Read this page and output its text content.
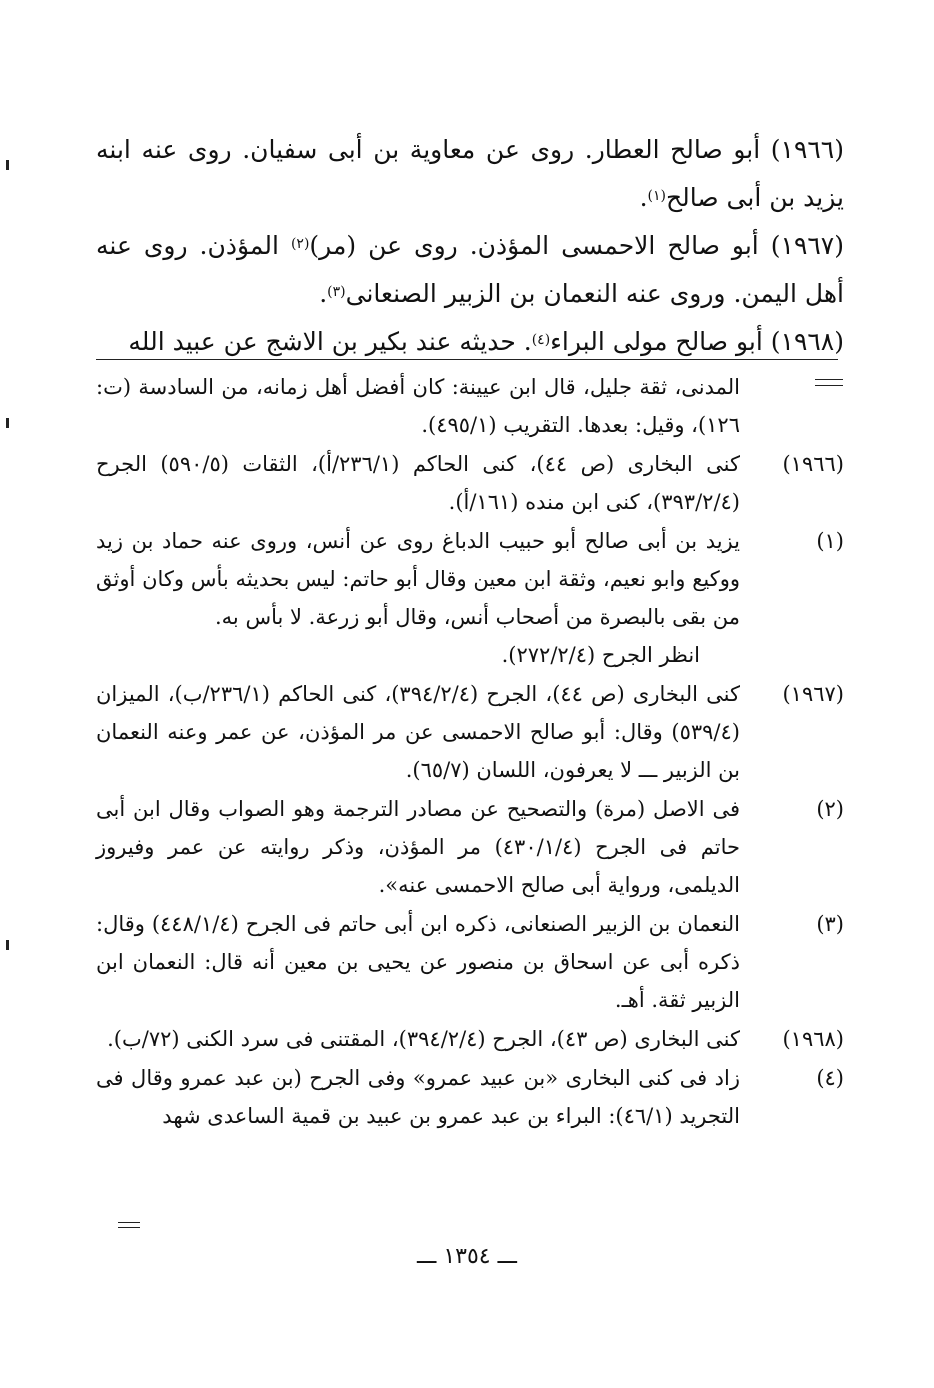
(١٩٦٦) أبو صالح العطار. روى عن معاوية بن أبى سفيان. روى عنه ابنه يزيد بن أبى صالح$^{(١)}$.

(١٩٦٧) أبو صالح الاحمسى المؤذن. روى عن (مر)$^{(٢)}$ المؤذن. روى عنه أهل اليمن. وروى عنه النعمان بن الزبير الصنعانى$^{(٣)}$.

(١٩٦٨) أبو صالح مولى البراء$^{(٤)}$. حديثه عند بكير بن الاشج عن عبيد الله

المدنى، ثقة جليل، قال ابن عيينة: كان أفضل أهل زمانه، من السادسة (ت: ١٢٦)، وقيل: بعدها. التقريب (٤٩٥/١).
(١٩٦٦)
كنى البخارى (ص ٤٤)، كنى الحاكم (٢٣٦/١/أ)، الثقات (٥٩٠/٥) الجرح (٣٩٣/٢/٤)، كنى ابن منده (١٦١/أ).
(١)
يزيد بن أبى صالح أبو حبيب الدباغ روى عن أنس، وروى عنه حماد بن زيد ووكيع وابو نعيم، وثقة ابن معين وقال أبو حاتم: ليس بحديثه بأس وكان أوثق من بقى بالبصرة من أصحاب أنس، وقال أبو زرعة. لا بأس به.
انظر الجرح (٢٧٢/٢/٤).
(١٩٦٧)
كنى البخارى (ص ٤٤)، الجرح (٣٩٤/٢/٤)، كنى الحاكم (٢٣٦/١/ب)، الميزان (٥٣٩/٤) وقال: أبو صالح الاحمسى عن مر المؤذن، عن عمر وعنه النعمان بن الزبير ـــ لا يعرفون، اللسان (٦٥/٧).
(٢)
فى الاصل (مرة) والتصحيح عن مصادر الترجمة وهو الصواب وقال ابن أبى حاتم فى الجرح (٤٣٠/١/٤) مر المؤذن، وذكر روايته عن عمر وفيروز الديلمى، ورواية أبى صالح الاحمسى عنه».
(٣)
النعمان بن الزبير الصنعانى، ذكره ابن أبى حاتم فى الجرح (٤٤٨/١/٤) وقال: ذكره أبى عن اسحاق بن منصور عن يحيى بن معين أنه قال: النعمان ابن الزبير ثقة. أهـ.
(١٩٦٨)
كنى البخارى (ص ٤٣)، الجرح (٣٩٤/٢/٤)، المقتنى فى سرد الكنى (٧٢/ب).
(٤)
زاد فى كنى البخارى «بن عبيد عمرو» وفى الجرح (بن عبد عمرو وقال فى التجريد (٤٦/١): البراء بن عبد عمرو بن عبيد بن قمية الساعدى شهد
ـــ ١٣٥٤ ـــ
